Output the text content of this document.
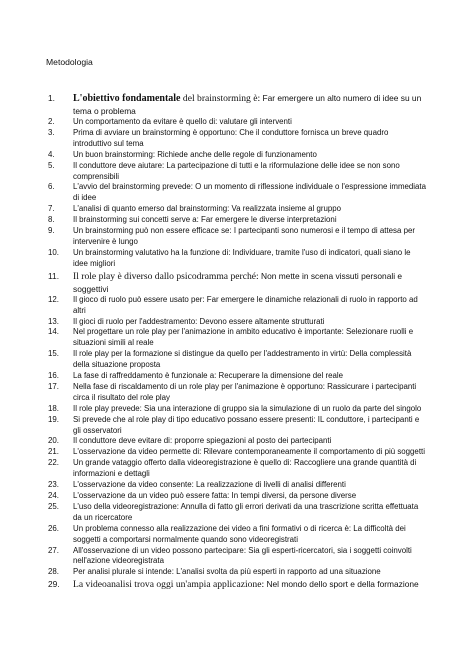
Metodologia
1.	L'obiettivo fondamentale del brainstorming è: Far emergere un alto numero di idee su un tema o problema
2.	Un comportamento da evitare è quello di: valutare gli interventi
3.	Prima di avviare un brainstorming è opportuno: Che il conduttore fornisca un breve quadro introduttivo sul tema
4.	Un buon brainstorming: Richiede anche delle regole di funzionamento
5.	Il conduttore deve aiutare: La partecipazione di tutti e la riformulazione delle idee se non sono comprensibili
6.	L'avvio del brainstorming prevede: O un momento di riflessione individuale o l'espressione immediata di idee
7.	L'analisi di quanto emerso dal brainstorming: Va realizzata insieme al gruppo
8.	Il brainstorming sui concetti serve a: Far emergere le diverse interpretazioni
9.	Un brainstorming può non essere efficace se: I partecipanti sono numerosi e il tempo di attesa per intervenire è lungo
10.	Un brainstorming valutativo ha la funzione di: Individuare, tramite l'uso di indicatori, quali siano le idee migliori
11.	Il role play è diverso dallo psicodramma perché: Non mette in scena vissuti personali e soggettivi
12.	Il gioco di ruolo può essere usato per: Far emergere le dinamiche relazionali di ruolo in rapporto ad altri
13.	Il gioci di ruolo per l'addestramento: Devono essere altamente strutturati
14.	Nel progettare un role play per l'animazione in ambito educativo è importante: Selezionare ruolli e situazioni simili al reale
15.	Il role play per la formazione si distingue da quello per l'addestramento in virtù: Della complessità della situazione proposta
16.	La fase di raffreddamento è funzionale a: Recuperare la dimensione del reale
17.	Nella fase di riscaldamento di un role play per l'animazione è opportuno: Rassicurare i partecipanti circa il risultato del role play
18.	Il role play prevede: Sia una interazione di gruppo sia la simulazione di un ruolo da parte del singolo
19.	Si prevede che al role play di tipo educativo possano essere presenti: IL conduttore, i partecipanti e gli osservatori
20.	Il conduttore deve evitare di: proporre spiegazioni al posto dei partecipanti
21.	L'osservazione da video permette di: Rilevare contemporaneamente il comportamento di più soggetti
22.	Un grande vataggio offerto dalla videoregistrazione è quello di: Raccogliere una grande quantità di informazioni e dettagli
23.	L'osservazione da video consente: La realizzazione di livelli di analisi differenti
24.	L'osservazione da un video può essere fatta: In tempi diversi, da persone diverse
25.	L'uso della videoregistrazione: Annulla di fatto gli errori derivati da una trascrizione scritta effettuata da un ricercatore
26.	Un problema connesso alla realizzazione dei video a fini formativi o di ricerca è: La difficoltà dei soggetti a comportarsi normalmente quando sono videoregistrati
27.	All'osservazione di un video possono partecipare: Sia gli esperti-ricercatori, sia i soggetti coinvolti nell'azione videoregistrata
28.	Per analisi plurale si intende: L'analisi svolta da più esperti in rapporto ad una situazione
29.	La videoanalisi trova oggi un'ampia applicazione: Nel mondo dello sport e della formazione
